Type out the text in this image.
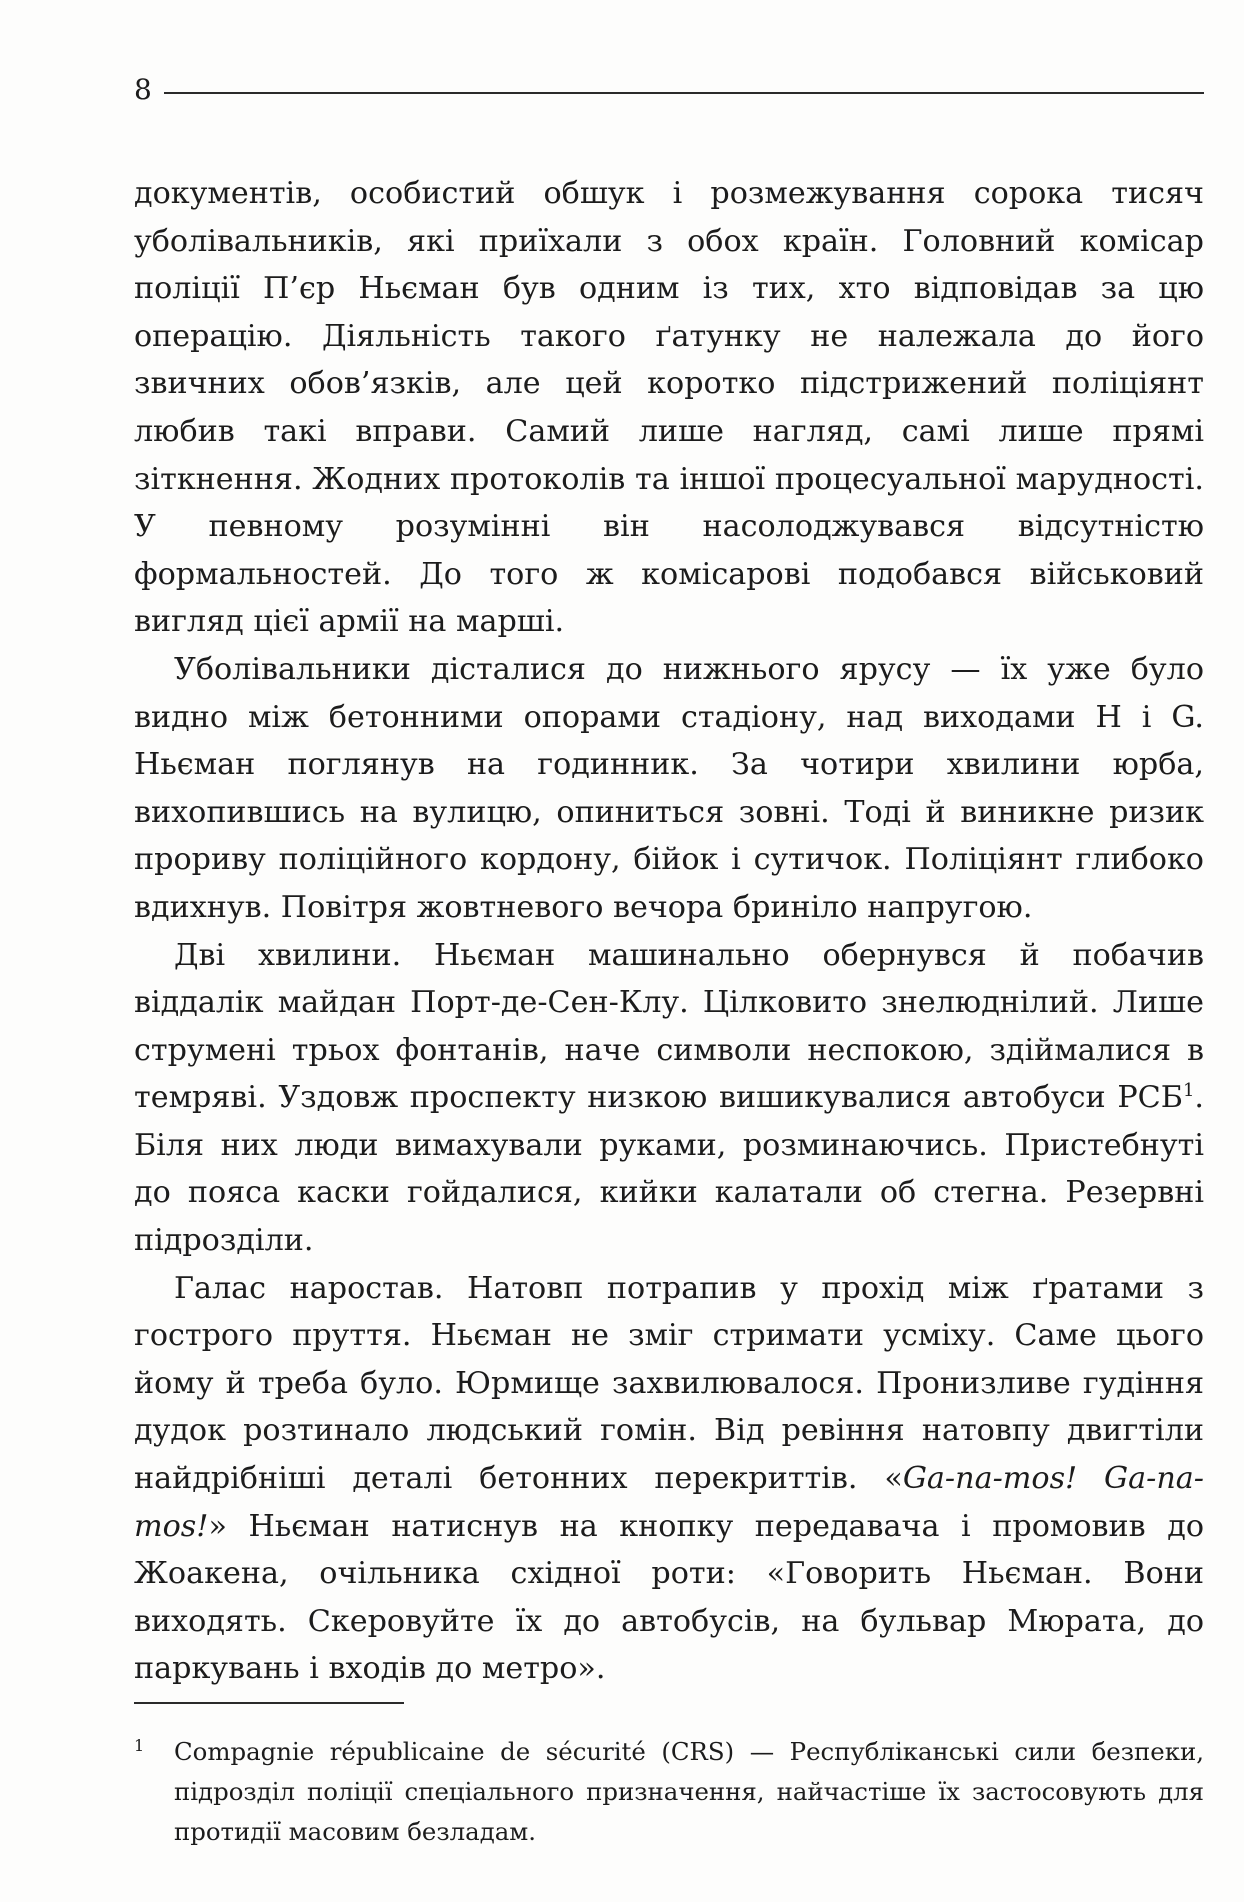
8

документів, особистий обшук і розмежування сорока тисяч уболівальників, які приїхали з обох країн. Головний комісар поліції П’єр Ньєман був одним із тих, хто відповідав за цю операцію. Діяльність такого ґатунку не належала до його звичних обов’язків, але цей коротко підстрижений поліціянт любив такі вправи. Самий лише нагляд, самі лише прямі зіткнення. Жодних протоколів та іншої процесуальної марудності. У певному розумінні він насолоджувався відсутністю формальностей. До того ж комісарові подобався військовий вигляд цієї армії на марші.

Уболівальники дісталися до нижнього ярусу — їх уже було видно між бетонними опорами стадіону, над виходами H і G. Ньєман поглянув на годинник. За чотири хвилини юрба, вихопившись на вулицю, опиниться зовні. Тоді й виникне ризик прориву поліційного кордону, бійок і сутичок. Поліціянт глибоко вдихнув. Повітря жовтневого вечора бриніло напругою.

Дві хвилини. Ньєман машинально обернувся й побачив віддалік майдан Порт-де-Сен-Клу. Цілковито знелюднілий. Лише струмені трьох фонтанів, наче символи неспокою, здіймалися в темряві. Уздовж проспекту низкою вишикувалися автобуси РСБ$^1$. Біля них люди вимахували руками, розминаючись. Пристебнуті до пояса каски гойдалися, кийки калатали об стегна. Резервні підрозділи.

Галас наростав. Натовп потрапив у прохід між ґратами з гострого пруття. Ньєман не зміг стримати усміху. Саме цього йому й треба було. Юрмище захвилювалося. Пронизливе гудіння дудок розтинало людський гомін. Від ревіння натовпу двигтіли найдрібніші деталі бетонних перекриттів. «Ga-na-mos! Ga-na-mos!» Ньєман натиснув на кнопку передавача і промовив до Жоакена, очільника східної роти: «Говорить Ньєман. Вони виходять. Скеровуйте їх до автобусів, на бульвар Мюрата, до паркувань і входів до метро».

1	Compagnie républicaine de sécurité (CRS) — Республіканські сили безпеки, підрозділ поліції спеціального призначення, найчастіше їх застосовують для протидії масовим безладам.
